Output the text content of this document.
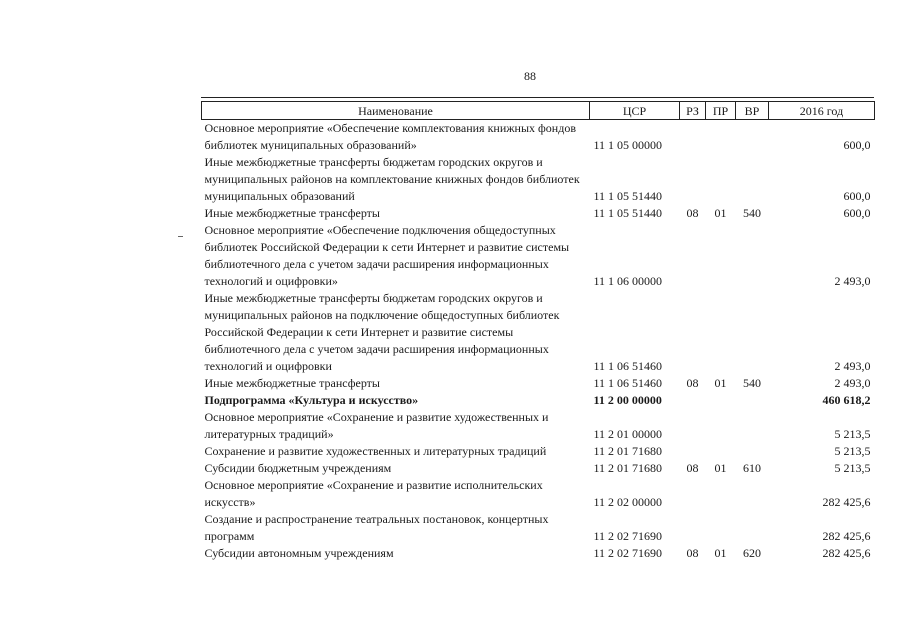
88
Наименование	ЦСР	РЗ	ПР	ВР	2016 год
Основное мероприятие «Обеспечение комплектования книжных фондов библиотек муниципальных образований»	11 1 05 00000				600,0
Иные межбюджетные трансферты бюджетам городских округов и муниципальных районов на комплектование книжных фондов библиотек муниципальных образований	11 1 05 51440				600,0
Иные межбюджетные трансферты	11 1 05 51440	08	01	540	600,0
Основное мероприятие «Обеспечение подключения общедоступных библиотек Российской Федерации к сети Интернет и развитие системы библиотечного дела с учетом задачи расширения информационных технологий и оцифровки»	11 1 06 00000				2 493,0
Иные межбюджетные трансферты бюджетам городских округов и муниципальных районов на подключение общедоступных библиотек Российской Федерации к сети Интернет и развитие системы библиотечного дела с учетом задачи расширения информационных технологий и оцифровки	11 1 06 51460				2 493,0
Иные межбюджетные трансферты	11 1 06 51460	08	01	540	2 493,0
Подпрограмма «Культура и искусство»	11 2 00 00000				460 618,2
Основное мероприятие «Сохранение и развитие художественных и литературных традиций»	11 2 01 00000				5 213,5
Сохранение и развитие художественных и литературных традиций	11 2 01 71680				5 213,5
Субсидии бюджетным учреждениям	11 2 01 71680	08	01	610	5 213,5
Основное мероприятие «Сохранение и развитие исполнительских искусств»	11 2 02 00000				282 425,6
Создание и распространение театральных постановок, концертных программ	11 2 02 71690				282 425,6
Субсидии автономным учреждениям	11 2 02 71690	08	01	620	282 425,6
